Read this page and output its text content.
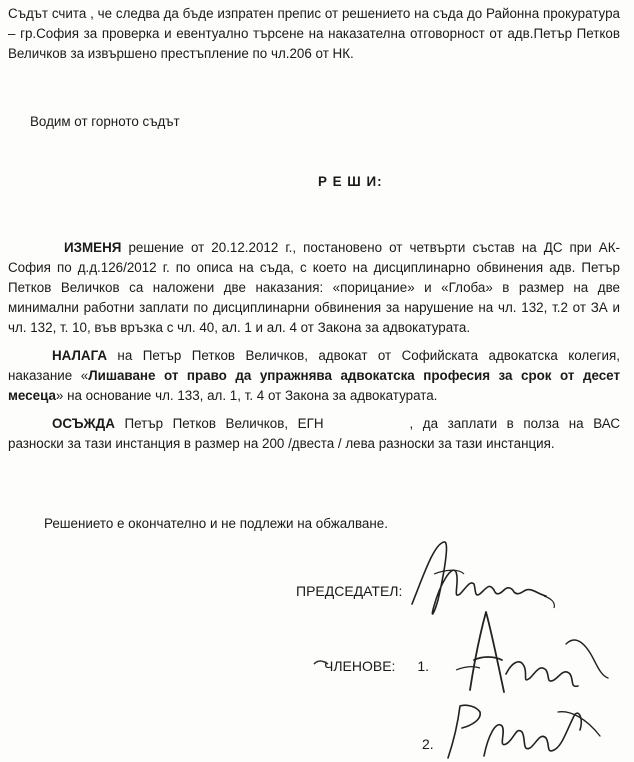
Съдът счита , че следва да бъде изпратен препис от решението на съда до Районна прокуратура – гр.София за проверка и евентуално търсене на наказателна отговорност от адв.Петър Петков Величков за извършено престъпление по чл.206 от НК.

Водим от горното съдът

Р Е Ш И:

ИЗМЕНЯ решение от 20.12.2012 г., постановено от четвърти състав на ДС при АК-София по д.д.126/2012 г. по описа на съда, с което на дисциплинарно обвинения адв. Петър Петков Величков са наложени две наказания: «порицание» и «Глоба» в размер на две минимални работни заплати по дисциплинарни обвинения за нарушение на чл. 132, т.2 от ЗА и чл. 132, т. 10, във връзка с чл. 40, ал. 1 и ал. 4 от Закона за адвокатурата.

НАЛАГА на Петър Петков Величков, адвокат от Софийската адвокатска колегия, наказание «Лишаване от право да упражнява адвокатска професия за срок от десет месеца» на основание чл. 133, ал. 1, т. 4 от Закона за адвокатурата.

ОСЪЖДА Петър Петков Величков, ЕГН	, да заплати в полза на ВАС разноски за тази инстанция в размер на 200 /двеста / лева разноски за тази инстанция.

Решението е окончателно и не подлежи на обжалване.

ПРЕДСЕДАТЕЛ:

ЧЛЕНОВЕ: 1.

2.
